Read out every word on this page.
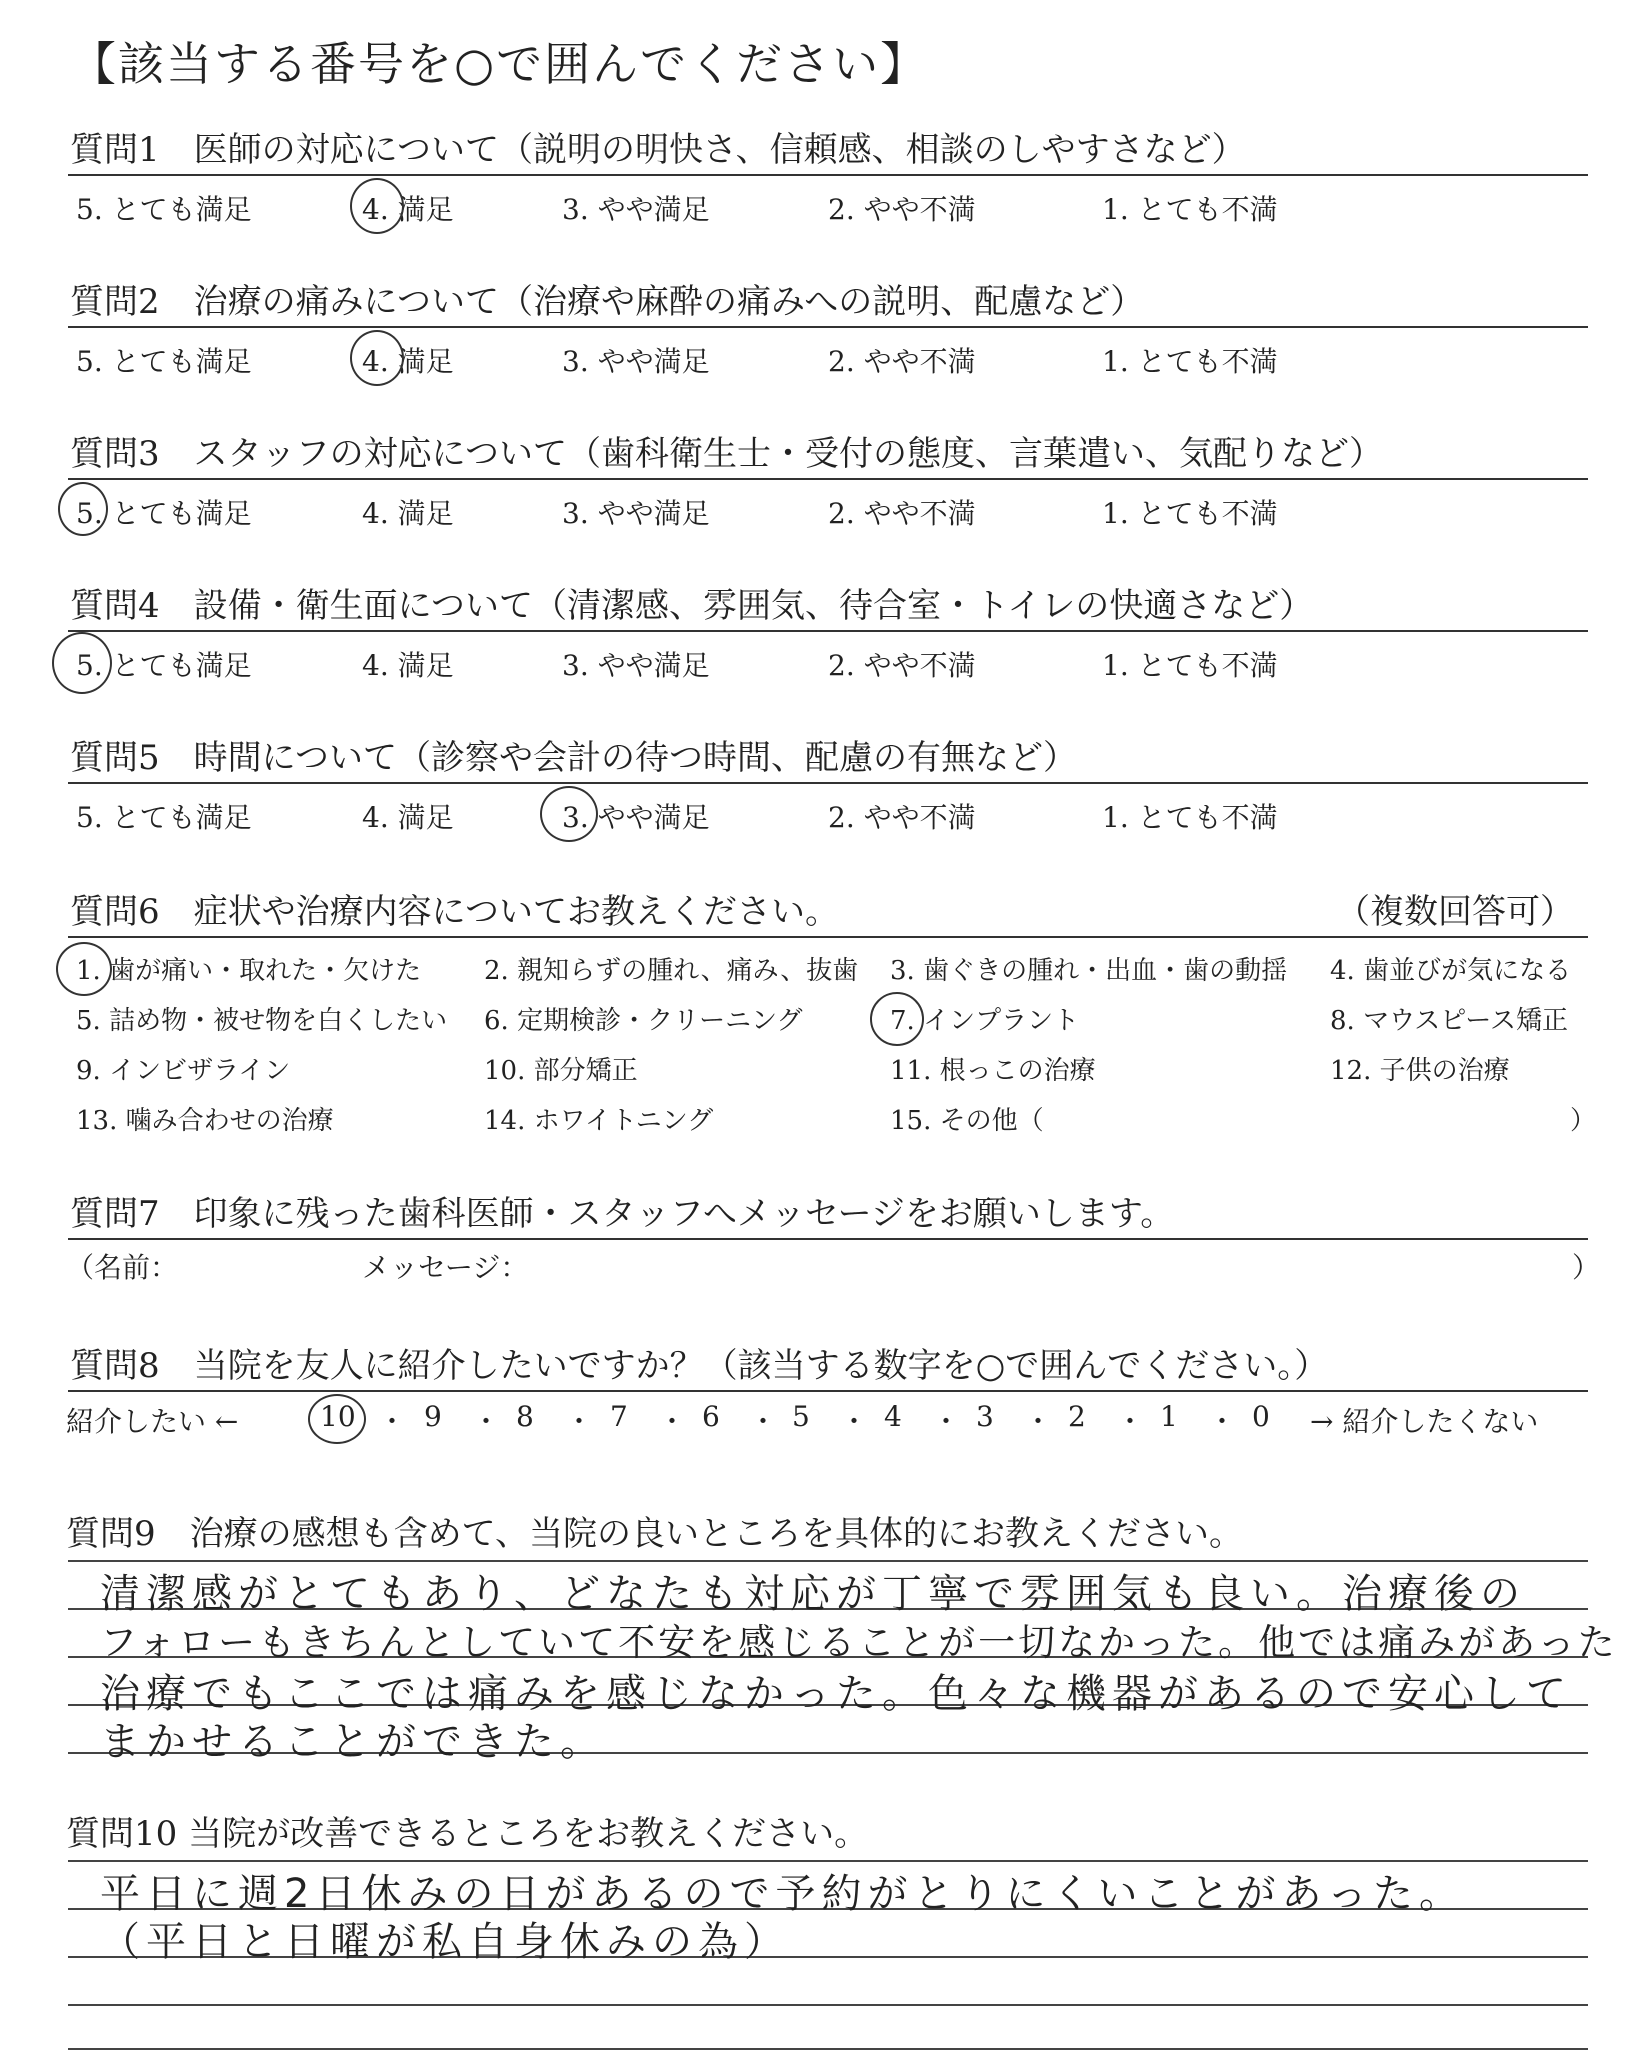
【該当する番号を○で囲んでください】
質問1　医師の対応について（説明の明快さ、信頼感、相談のしやすさなど）
5. とても満足	4. 満足	3. やや満足	2. やや不満	1. とても不満
質問2　治療の痛みについて（治療や麻酔の痛みへの説明、配慮など）
5. とても満足	4. 満足	3. やや満足	2. やや不満	1. とても不満
質問3　スタッフの対応について（歯科衛生士・受付の態度、言葉遣い、気配りなど）
5. とても満足	4. 満足	3. やや満足	2. やや不満	1. とても不満
質問4　設備・衛生面について（清潔感、雰囲気、待合室・トイレの快適さなど）
5. とても満足	4. 満足	3. やや満足	2. やや不満	1. とても不満
質問5　時間について（診察や会計の待つ時間、配慮の有無など）
5. とても満足	4. 満足	3. やや満足	2. やや不満	1. とても不満
質問6　症状や治療内容についてお教えください。	（複数回答可）
1. 歯が痛い・取れた・欠けた 2. 親知らずの腫れ、痛み、抜歯 3. 歯ぐきの腫れ・出血・歯の動揺 4. 歯並びが気になる
5. 詰め物・被せ物を白くしたい 6. 定期検診・クリーニング	7. インプラント	8. マウスピース矯正
9. インビザライン	10. 部分矯正	11. 根っこの治療	12. 子供の治療
13. 噛み合わせの治療	14. ホワイトニング	15. その他（	）
質問7　印象に残った歯科医師・スタッフへメッセージをお願いします。
（名前：	メッセージ：	）
質問8　当院を友人に紹介したいですか？（該当する数字を○で囲んでください。）
紹介したい ←	→ 紹介したくない
10 ・ 9 ・ 8 ・ 7 ・ 6 ・ 5 ・ 4 ・ 3 ・ 2 ・ 1 ・ 0
質問9　治療の感想も含めて、当院の良いところを具体的にお教えください。
清潔感がとてもあり、どなたも対応が丁寧で雰囲気も良い。治療後の
フォローもきちんとしていて不安を感じることが一切なかった。他では痛みがあった
治療でもここでは痛みを感じなかった。色々な機器があるので安心して
まかせることができた。
質問10 当院が改善できるところをお教えください。
平日に週2日休みの日があるので予約がとりにくいことがあった。
（平日と日曜が私自身休みの為）
